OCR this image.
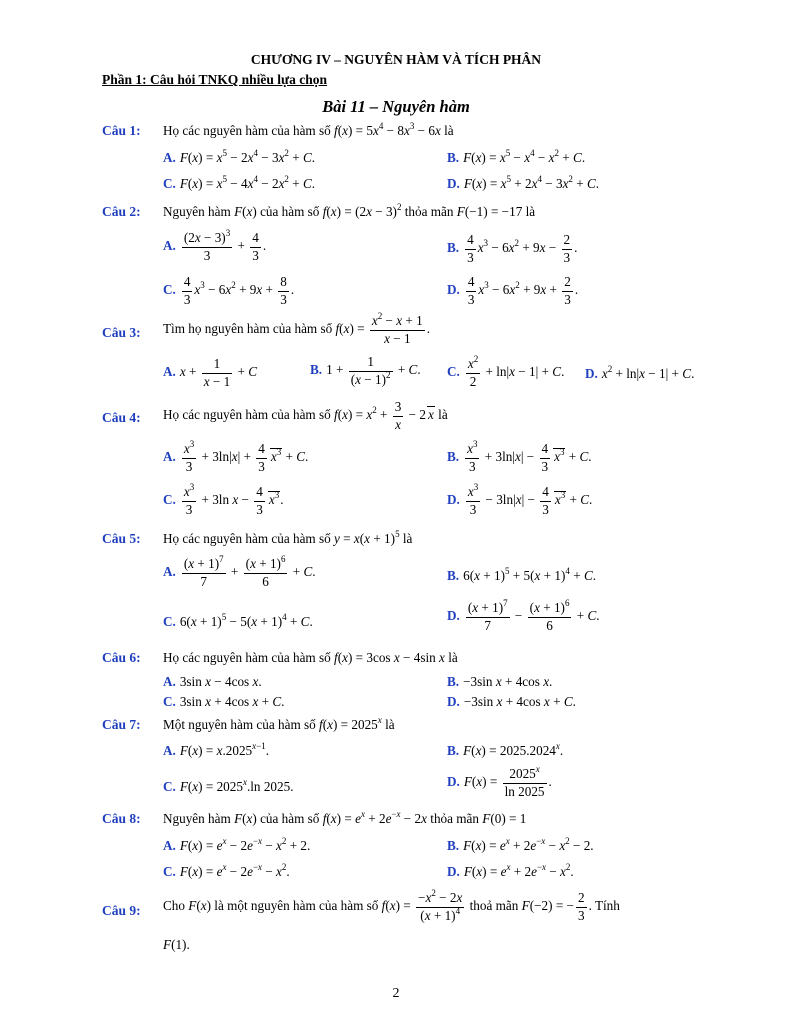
CHƯƠNG IV – NGUYÊN HÀM VÀ TÍCH PHÂN
Phần 1: Câu hỏi TNKQ nhiều lựa chọn
Bài 11 – Nguyên hàm
Câu 1: Họ các nguyên hàm của hàm số $f(x) = 5x^4 - 8x^3 - 6x$ là
A. $F(x) = x^5 - 2x^4 - 3x^2 + C$.	B. $F(x) = x^5 - x^4 - x^2 + C$.
C. $F(x) = x^5 - 4x^4 - 2x^2 + C$.	D. $F(x) = x^5 + 2x^4 - 3x^2 + C$.
Câu 2: Nguyên hàm F(x) của hàm số $f(x) = (2x - 3)^2$ thỏa mãn F(−1) = −17 là
A. $\frac{(2x - 3)^3}{3} + \frac{4}{3}$ .	B. $\frac{4}{3} x^3 - 6x^2 + 9x - \frac{2}{3}$ .
C. $\frac{4}{3} x^3 - 6x^2 + 9x + \frac{8}{3}$ .	D. $\frac{4}{3} x^3 - 6x^2 + 9x + \frac{2}{3}$ .
Câu 3: Tìm họ nguyên hàm của hàm số $f(x) = \frac{x^2 - x + 1}{x - 1}$ .
A. $x + \frac{1}{x - 1} + C$	B. $1 + \frac{1}{(x - 1)^2} + C$. C. $\frac{x^2}{2} + \ln|x - 1| + C$. D. $x^2 + \ln|x - 1| + C$.
Câu 4: Họ các nguyên hàm của hàm số $f(x) = x^2 + \frac{3}{x} - 2$ x là
A. $\frac{x^3}{3} + 3\ln|x| + \frac{4}{3} x^3 + C$.	B. $\frac{x^3}{3} + 3\ln|x| - \frac{4}{3} x^3 + C$.
C. $\frac{x^3}{3} + 3\ln$ $x - \frac{4}{3} x^3$.	D. $\frac{x^3}{3} - 3\ln|x| - \frac{4}{3} x^3 + C$.
Câu 5: Họ các nguyên hàm của hàm số $y = x(x + 1)^5$ là
A. $\frac{(x + 1)^7}{7} + \frac{(x + 1)^6}{6} + C$.	B. $6(x + 1)^5 + 5(x + 1)^4 + C$.
C. $6(x + 1)^5 - 5(x + 1)^4 + C$.	D. $\frac{(x + 1)^7}{7} - \frac{(x + 1)^6}{6} + C$.
Câu 6: Họ các nguyên hàm của hàm số f(x) = 3cos x − 4sin x là
A. 3sin x − 4cos x.	B. −3sin x + 4cos x.
C. 3sin x + 4cos x + C.	D. −3sin x + 4cos x + C.
Câu 7: Một nguyên hàm của hàm số $f(x) = 2025^x$ là
A. $F(x) = x.2025^{x-1}$.	B. $F(x) = 2025.2024^x$.
C. $F(x) = 2025^x.\ln$ 2025.	D. $F(x) = \frac{2025^x}{\ln 2025}$ .
Câu 8: Nguyên hàm F(x) của hàm số $f(x) = e^x + 2e^{-x} - 2x$ thỏa mãn F(0) = 1
A. $F(x) = e^x - 2e^{-x} - x^2 + 2$.	B. $F(x) = e^x + 2e^{-x} - x^2 - 2$.
C. $F(x) = e^x - 2e^{-x} - x^2$.	D. $F(x) = e^x + 2e^{-x} - x^2$.
Câu 9: Cho F(x) là một nguyên hàm của hàm số $f(x) = \frac{-x^2 - 2x}{(x + 1)^4}$ thoả mãn F(−2) = − $\frac{2}{3}$ . Tính
F(1).
2
